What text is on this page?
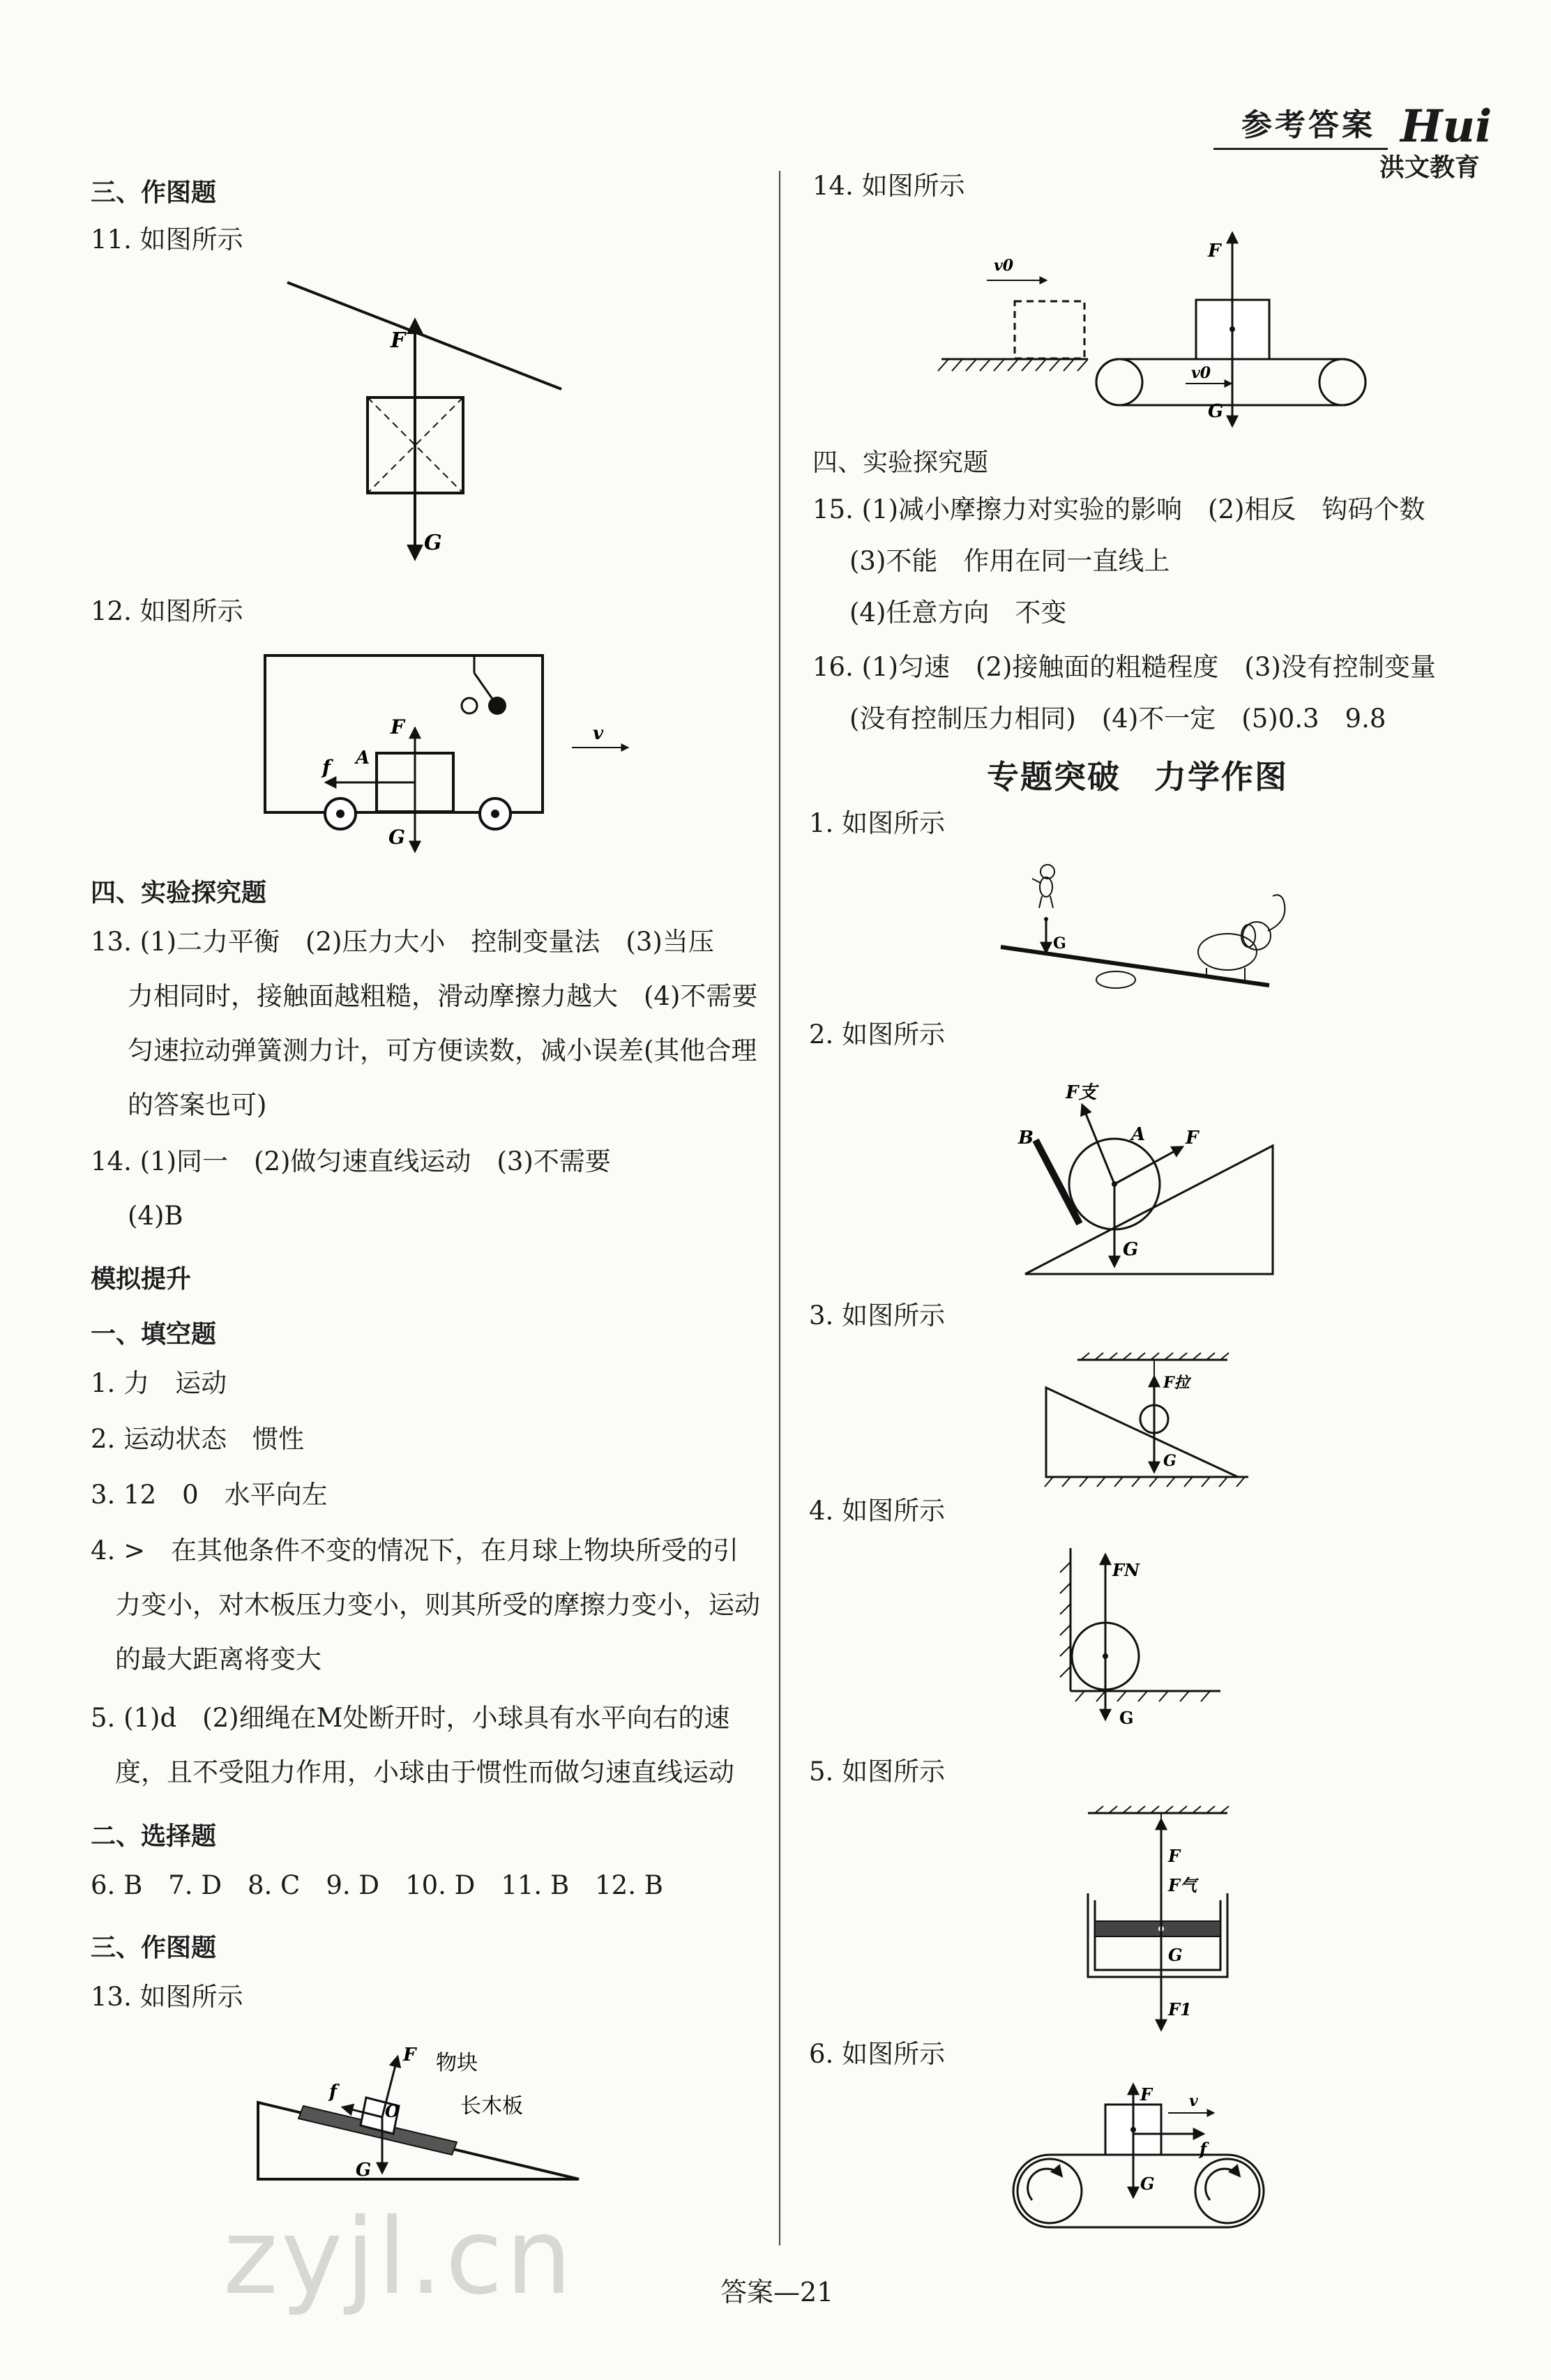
参考答案 Hui
洪文教育
三、作图题
11. 如图所示
F
G
12. 如图所示
F
G
A
f
v
四、实验探究题
13. (1)二力平衡　(2)压力大小　控制变量法　(3)当压
力相同时，接触面越粗糙，滑动摩擦力越大　(4)不需要
匀速拉动弹簧测力计，可方便读数，减小误差(其他合理
的答案也可)
14. (1)同一　(2)做匀速直线运动　(3)不需要
(4)B
模拟提升
一、填空题
1. 力　运动
2. 运动状态　惯性
3. 12　0　水平向左
4. >　在其他条件不变的情况下，在月球上物块所受的引
力变小，对木板压力变小，则其所受的摩擦力变小，运动
的最大距离将变大
5. (1)d　(2)细绳在M处断开时，小球具有水平向右的速
度，且不受阻力作用，小球由于惯性而做匀速直线运动
二、选择题
6. B　7. D　8. C　9. D　10. D　11. B　12. B
三、作图题
13. 如图所示
F
f
O
G
物块
长木板
14. 如图所示
F
G
v0
v0
四、实验探究题
15. (1)减小摩擦力对实验的影响　(2)相反　钩码个数
(3)不能　作用在同一直线上
(4)任意方向　不变
16. (1)匀速　(2)接触面的粗糙程度　(3)没有控制变量
(没有控制压力相同)　(4)不一定　(5)0.3　9.8
专题突破　力学作图
1. 如图所示
G
2. 如图所示
F支
A F
B
G
3. 如图所示
F拉
G
4. 如图所示
FN
G
5. 如图所示
F
F气
G
F1
6. 如图所示
F
G
v
f
答案—21
zyjl.cn
